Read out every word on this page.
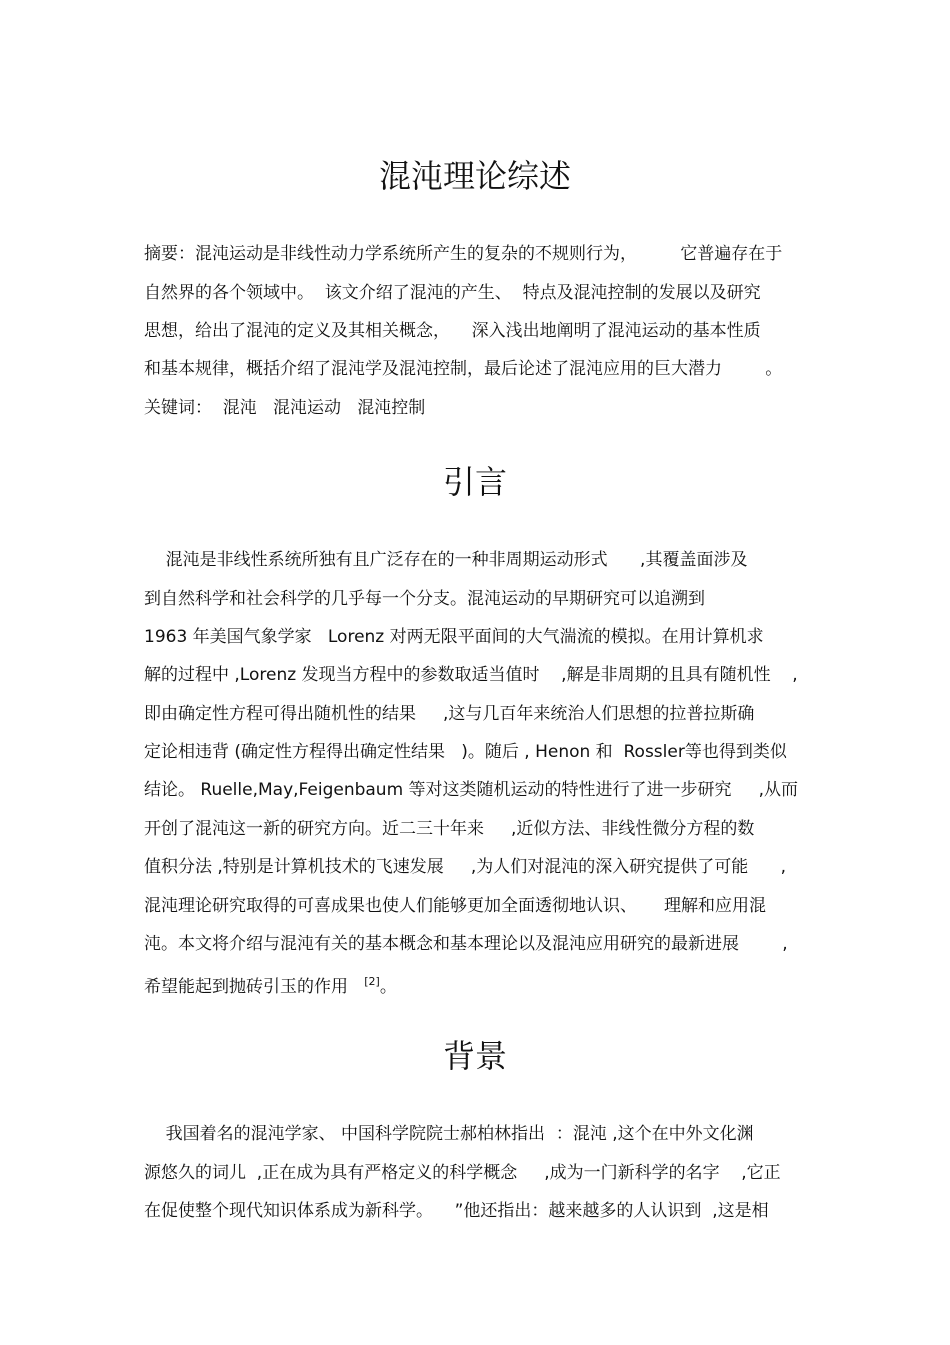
混沌理论综述

摘要：混沌运动是非线性动力学系统所产生的复杂的不规则行为，        它普遍存在于

自然界的各个领域中。  该文介绍了混沌的产生、  特点及混沌控制的发展以及研究

思想，给出了混沌的定义及其相关概念，    深入浅出地阐明了混沌运动的基本性质

和基本规律，概括介绍了混沌学及混沌控制，最后论述了混沌应用的巨大潜力        。

关键词：  混沌   混沌运动   混沌控制

引言

混沌是非线性系统所独有且广泛存在的一种非周期运动形式      ,其覆盖面涉及

到自然科学和社会科学的几乎每一个分支。混沌运动的早期研究可以追溯到

1963 年美国气象学家   Lorenz 对两无限平面间的大气湍流的模拟。在用计算机求

解的过程中 ,Lorenz 发现当方程中的参数取适当值时    ,解是非周期的且具有随机性    ,

即由确定性方程可得出随机性的结果     ,这与几百年来统治人们思想的拉普拉斯确

定论相违背 (确定性方程得出确定性结果   )。随后 , Henon 和  Rossler等也得到类似

结论。 Ruelle,May,Feigenbaum 等对这类随机运动的特性进行了进一步研究     ,从而

开创了混沌这一新的研究方向。近二三十年来     ,近似方法、非线性微分方程的数

值积分法 ,特别是计算机技术的飞速发展     ,为人们对混沌的深入研究提供了可能      ,

混沌理论研究取得的可喜成果也使人们能够更加全面透彻地认识、     理解和应用混

沌。本文将介绍与混沌有关的基本概念和基本理论以及混沌应用研究的最新进展        ,

希望能起到抛砖引玉的作用   [2]。

背景

我国着名的混沌学家、 中国科学院院士郝柏林指出  ：混沌 ,这个在中外文化渊

源悠久的词儿  ,正在成为具有严格定义的科学概念     ,成为一门新科学的名字    ,它正

在促使整个现代知识体系成为新科学。    ”他还指出：越来越多的人认识到  ,这是相
